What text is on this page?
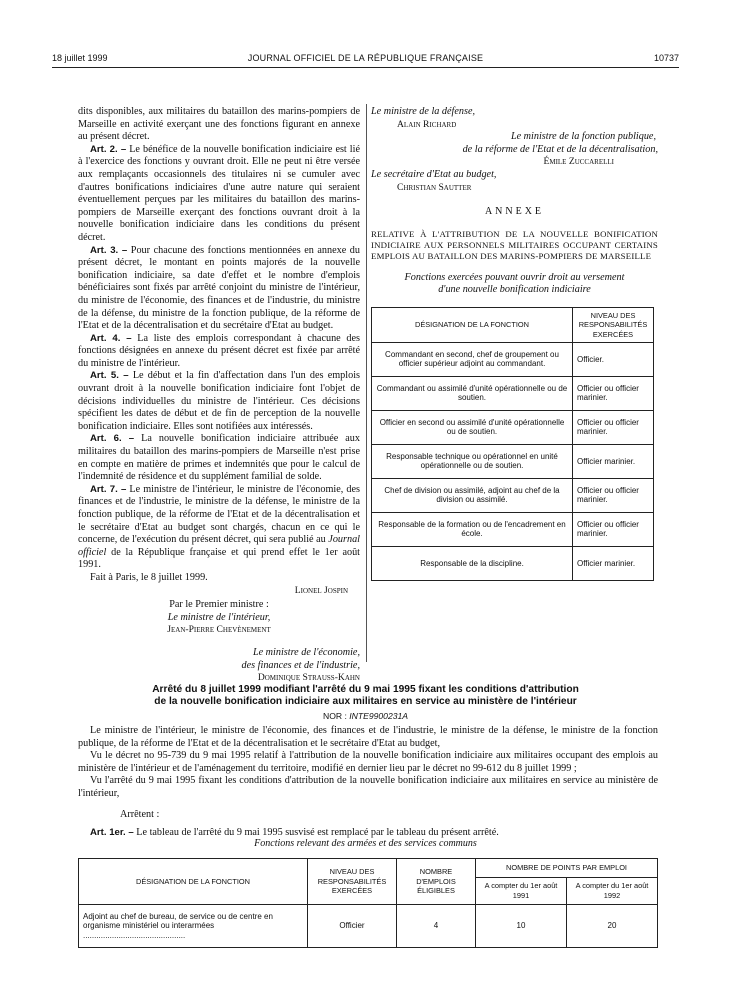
18 juillet 1999	JOURNAL OFFICIEL DE LA RÉPUBLIQUE FRANÇAISE	10737

dits disponibles, aux militaires du bataillon des marins-pompiers de Marseille en activité exerçant une des fonctions figurant en annexe au présent décret.

Art. 2. – Le bénéfice de la nouvelle bonification indiciaire est lié à l'exercice des fonctions y ouvrant droit. Elle ne peut ni être versée aux remplaçants occasionnels des titulaires ni se cumuler avec d'autres bonifications indiciaires d'une autre nature qui seraient éventuellement perçues par les militaires du bataillon des marins-pompiers de Marseille exerçant des fonctions ouvrant droit à la nouvelle bonification indiciaire dans les conditions du présent décret.

Art. 3. – Pour chacune des fonctions mentionnées en annexe du présent décret, le montant en points majorés de la nouvelle bonification indiciaire, sa date d'effet et le nombre d'emplois bénéficiaires sont fixés par arrêté conjoint du ministre de l'intérieur, du ministre de l'économie, des finances et de l'industrie, du ministre de la défense, du ministre de la fonction publique, de la réforme de l'Etat et de la décentralisation et du secrétaire d'Etat au budget.

Art. 4. – La liste des emplois correspondant à chacune des fonctions désignées en annexe du présent décret est fixée par arrêté du ministre de l'intérieur.

Art. 5. – Le début et la fin d'affectation dans l'un des emplois ouvrant droit à la nouvelle bonification indiciaire font l'objet de décisions individuelles du ministre de l'intérieur. Ces décisions spécifient les dates de début et de fin de perception de la nouvelle bonification indiciaire. Elles sont notifiées aux intéressés.

Art. 6. – La nouvelle bonification indiciaire attribuée aux militaires du bataillon des marins-pompiers de Marseille n'est prise en compte en matière de primes et indemnités que pour le calcul de l'indemnité de résidence et du supplément familial de solde.

Art. 7. – Le ministre de l'intérieur, le ministre de l'économie, des finances et de l'industrie, le ministre de la défense, le ministre de la fonction publique, de la réforme de l'Etat et de la décentralisation et le secrétaire d'Etat au budget sont chargés, chacun en ce qui le concerne, de l'exécution du présent décret, qui sera publié au Journal officiel de la République française et qui prend effet le 1er août 1991.

Fait à Paris, le 8 juillet 1999.

Lionel Jospin

Par le Premier ministre :

Le ministre de l'intérieur,

Jean-Pierre Chevènement

Le ministre de l'économie,

des finances et de l'industrie,

Dominique Strauss-Kahn

Le ministre de la défense,

Alain Richard

Le ministre de la fonction publique,

de la réforme de l'Etat et de la décentralisation,

Émile Zuccarelli

Le secrétaire d'Etat au budget,

Christian Sautter

ANNEXE

RELATIVE À L'ATTRIBUTION DE LA NOUVELLE BONIFICATION INDICIAIRE AUX PERSONNELS MILITAIRES OCCUPANT CERTAINS EMPLOIS AU BATAILLON DES MARINS-POMPIERS DE MARSEILLE

Fonctions exercées pouvant ouvrir droit au versement
d'une nouvelle bonification indiciaire

DÉSIGNATION DE LA FONCTION	NIVEAU DES RESPONSABILITÉS EXERCÉES
Commandant en second, chef de groupement ou officier supérieur adjoint au commandant.	Officier.
Commandant ou assimilé d'unité opérationnelle ou de soutien.	Officier ou officier marinier.
Officier en second ou assimilé d'unité opérationnelle ou de soutien.	Officier ou officier marinier.
Responsable technique ou opérationnel en unité opérationnelle ou de soutien.	Officier marinier.
Chef de division ou assimilé, adjoint au chef de la division ou assimilé.	Officier ou officier marinier.
Responsable de la formation ou de l'encadrement en école.	Officier ou officier marinier.
Responsable de la discipline.	Officier marinier.
Arrêté du 8 juillet 1999 modifiant l'arrêté du 9 mai 1995 fixant les conditions d'attribution
de la nouvelle bonification indiciaire aux militaires en service au ministère de l'intérieur
NOR : INTE9900231A

Le ministre de l'intérieur, le ministre de l'économie, des finances et de l'industrie, le ministre de la défense, le ministre de la fonction publique, de la réforme de l'Etat et de la décentralisation et le secrétaire d'Etat au budget,

Vu le décret no 95-739 du 9 mai 1995 relatif à l'attribution de la nouvelle bonification indiciaire aux militaires occupant des emplois au ministère de l'intérieur et de l'aménagement du territoire, modifié en dernier lieu par le décret no 99-612 du 8 juillet 1999 ;

Vu l'arrêté du 9 mai 1995 fixant les conditions d'attribution de la nouvelle bonification indiciaire aux militaires en service au ministère de l'intérieur,

Arrêtent :

Art. 1er. – Le tableau de l'arrêté du 9 mai 1995 susvisé est remplacé par le tableau du présent arrêté.

Fonctions relevant des armées et des services communs
DÉSIGNATION DE LA FONCTION	NIVEAU DES RESPONSABILITÉS EXERCÉES	NOMBRE D'EMPLOIS ÉLIGIBLES	NOMBRE DE POINTS PAR EMPLOI	
			A compter du 1er août 1991	A compter du 1er août 1992
Adjoint au chef de bureau, de service ou de centre en organisme ministériel ou interarmées ..............................................	Officier	4	10	20
